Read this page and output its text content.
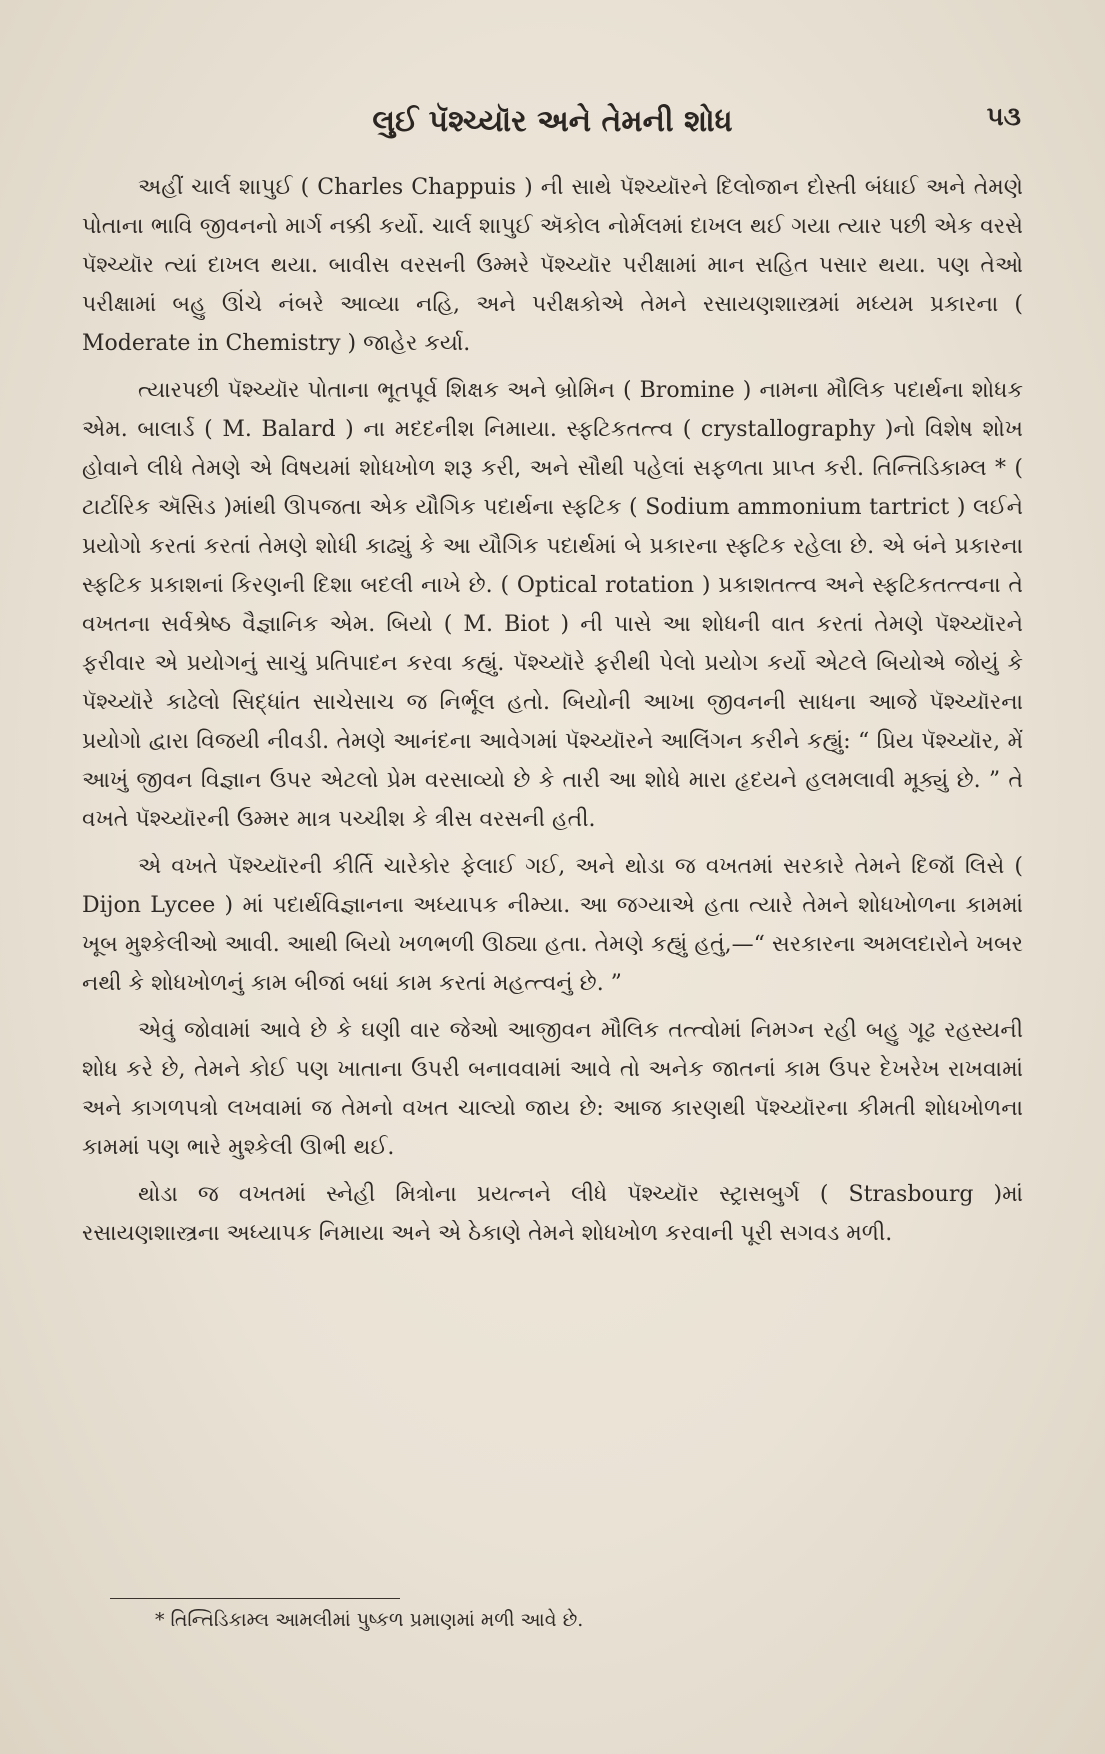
લુઈ પૅશ્ચ્યૉર અને તેમની શોધ	૫૩

અહીં ચાર્લ શાપુઈ ( Charles Chappuis ) ની સાથે પૅશ્ચ્યૉરને દિલોજાન દોસ્તી બંધાઈ અને તેમણે પોતાના ભાવિ જીવનનો માર્ગ નક્કી કર્યો. ચાર્લ શાપુઈ ઍકોલ નોર્મલમાં દાખલ થઈ ગયા ત્યાર પછી એક વરસે પૅશ્ચ્યૉર ત્યાં દાખલ થયા. બાવીસ વરસની ઉમ્મરે પૅશ્ચ્યૉર પરીક્ષામાં માન સહિત પસાર થયા. પણ તેઓ પરીક્ષામાં બહુ ઊંચે નંબરે આવ્યા નહિ, અને પરીક્ષકોએ તેમને રસાયણશાસ્ત્રમાં મધ્યમ પ્રકારના ( Moderate in Chemistry ) જાહેર કર્યા.

ત્યારપછી પૅશ્ચ્યૉર પોતાના ભૂતપૂર્વ શિક્ષક અને બ્રોમિન ( Bromine ) નામના મૌલિક પદાર્થના શોધક એમ. બાલાર્ડ ( M. Balard ) ના મદદનીશ નિમાયા. સ્ફટિકતત્ત્વ ( crystallography )નો વિશેષ શોખ હોવાને લીધે તેમણે એ વિષયમાં શોધખોળ શરૂ કરી, અને સૌથી પહેલાં સફળતા પ્રાપ્ત કરી. તિન્તિડિકામ્લ * ( ટાર્ટારિક ઍસિડ )માંથી ઊપજતા એક યૌગિક પદાર્થના સ્ફટિક ( Sodium ammonium tartrict ) લઈને પ્રયોગો કરતાં કરતાં તેમણે શોધી કાઢ્યું કે આ યૌગિક પદાર્થમાં બે પ્રકારના સ્ફટિક રહેલા છે. એ બંને પ્રકારના સ્ફટિક પ્રકાશનાં કિરણની દિશા બદલી નાખે છે. ( Optical rotation ) પ્રકાશતત્ત્વ અને સ્ફટિકતત્ત્વના તે વખતના સર્વશ્રેષ્ઠ વૈજ્ઞાનિક એમ. બિયો ( M. Biot ) ની પાસે આ શોધની વાત કરતાં તેમણે પૅશ્ચ્યૉરને ફરીવાર એ પ્રયોગનું સાચું પ્રતિપાદન કરવા કહ્યું. પૅશ્ચ્યૉરે ફરીથી પેલો પ્રયોગ કર્યો એટલે બિયોએ જોયું કે પૅશ્ચ્યૉરે કાઢેલો સિદ્ધાંત સાચેસાચ જ નિર્ભૂલ હતો. બિયોની આખા જીવનની સાધના આજે પૅશ્ચ્યૉરના પ્રયોગો દ્વારા વિજયી નીવડી. તેમણે આનંદના આવેગમાં પૅશ્ચ્યૉરને આલિંગન કરીને કહ્યું: “ પ્રિય પૅશ્ચ્યૉર, મેં આખું જીવન વિજ્ઞાન ઉપર એટલો પ્રેમ વરસાવ્યો છે કે તારી આ શોધે મારા હૃદયને હલમલાવી મૂક્યું છે. ” તે વખતે પૅશ્ચ્યૉરની ઉમ્મર માત્ર પચ્ચીશ કે ત્રીસ વરસની હતી.

એ વખતે પૅશ્ચ્યૉરની કીર્તિ ચારેકોર ફેલાઈ ગઈ, અને થોડા જ વખતમાં સરકારે તેમને દિજૉં લિસે ( Dijon Lycee ) માં પદાર્થવિજ્ઞાનના અધ્યાપક નીમ્યા. આ જગ્યાએ હતા ત્યારે તેમને શોધખોળના કામમાં ખૂબ મુશ્કેલીઓ આવી. આથી બિયો ખળભળી ઊઠ્યા હતા. તેમણે કહ્યું હતું,—“ સરકારના અમલદારોને ખબર નથી કે શોધખોળનું કામ બીજાં બધાં કામ કરતાં મહત્ત્વનું છે. ”

એવું જોવામાં આવે છે કે ઘણી વાર જેઓ આજીવન મૌલિક તત્ત્વોમાં નિમગ્ન રહી બહુ ગૂઢ રહસ્યની શોધ કરે છે, તેમને કોઈ પણ ખાતાના ઉપરી બનાવવામાં આવે તો અનેક જાતનાં કામ ઉપર દેખરેખ રાખવામાં અને કાગળપત્રો લખવામાં જ તેમનો વખત ચાલ્યો જાય છે: આજ કારણથી પૅશ્ચ્યૉરના કીમતી શોધખોળના કામમાં પણ ભારે મુશ્કેલી ઊભી થઈ.

થોડા જ વખતમાં સ્નેહી મિત્રોના પ્રયત્નને લીધે પૅશ્ચ્યૉર સ્ટ્રાસબુર્ગ ( Strasbourg )માં રસાયણશાસ્ત્રના અધ્યાપક નિમાયા અને એ ઠેકાણે તેમને શોધખોળ કરવાની પૂરી સગવડ મળી.

* તિન્તિડિકામ્લ આમલીમાં પુષ્કળ પ્રમાણમાં મળી આવે છે.
